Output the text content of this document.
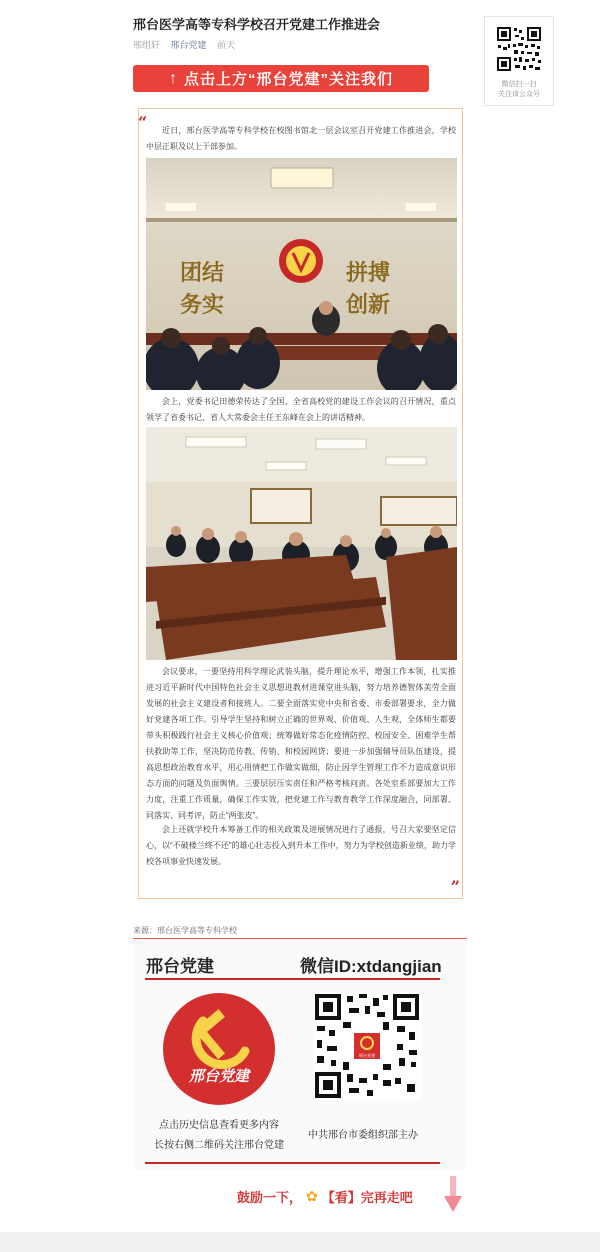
邢台医学高等专科学校召开党建工作推进会
邢组轩 邢台党建 前天
微信扫一扫
关注该公众号
↑ 点击上方“邢台党建”关注我们
“	近日，邢台医学高等专科学校在校图书馆北一层会议室召开党建工作推进会，学校中层正职及以上干部参加。
团结	拼搏
务实	创新
会上，党委书记田德荣传达了全国、全省高校党的建设工作会议的召开情况，重点领学了省委书记、省人大常委会主任王东峰在会上的讲话精神。
会议要求，一要坚持用科学理论武装头脑，提升理论水平，增强工作本领，扎实推进习近平新时代中国特色社会主义思想进教材进课堂进头脑，努力培养德智体美劳全面发展的社会主义建设者和接班人。二要全面落实党中央和省委、市委部署要求，全力做好党建各项工作。引导学生坚持和树立正确的世界观、价值观、人生观，全体师生都要带头积极践行社会主义核心价值观；统筹做好常态化疫情防控、校园安全、困难学生帮扶救助等工作，坚决防范传教、传销、和校园网贷；要进一步加强辅导员队伍建设，提高思想政治教育水平，用心用情把工作做实做细，防止因学生管理工作不力造成意识形态方面的问题及负面舆情。三要层层压实责任和严格考核问责。各处室系部要加大工作力度，注重工作质量，确保工作实效，把党建工作与教育教学工作深度融合，同部署、同落实、同考评，防止“两张皮”。
会上还就学校升本筹备工作的相关政策及进展情况进行了通报，号召大家要坚定信心，以“不破楼兰终不还”的雄心壮志投入到升本工作中，努力为学校创造新业绩，助力学校各项事业快速发展。
”
来源：邢台医学高等专科学校
邢台党建	微信ID:xtdangjian
邢台党建
邢台党建
点击历史信息查看更多内容
长按右侧二维码关注邢台党建
中共邢台市委组织部主办
鼓励一下， ✿ 【看】完再走吧
